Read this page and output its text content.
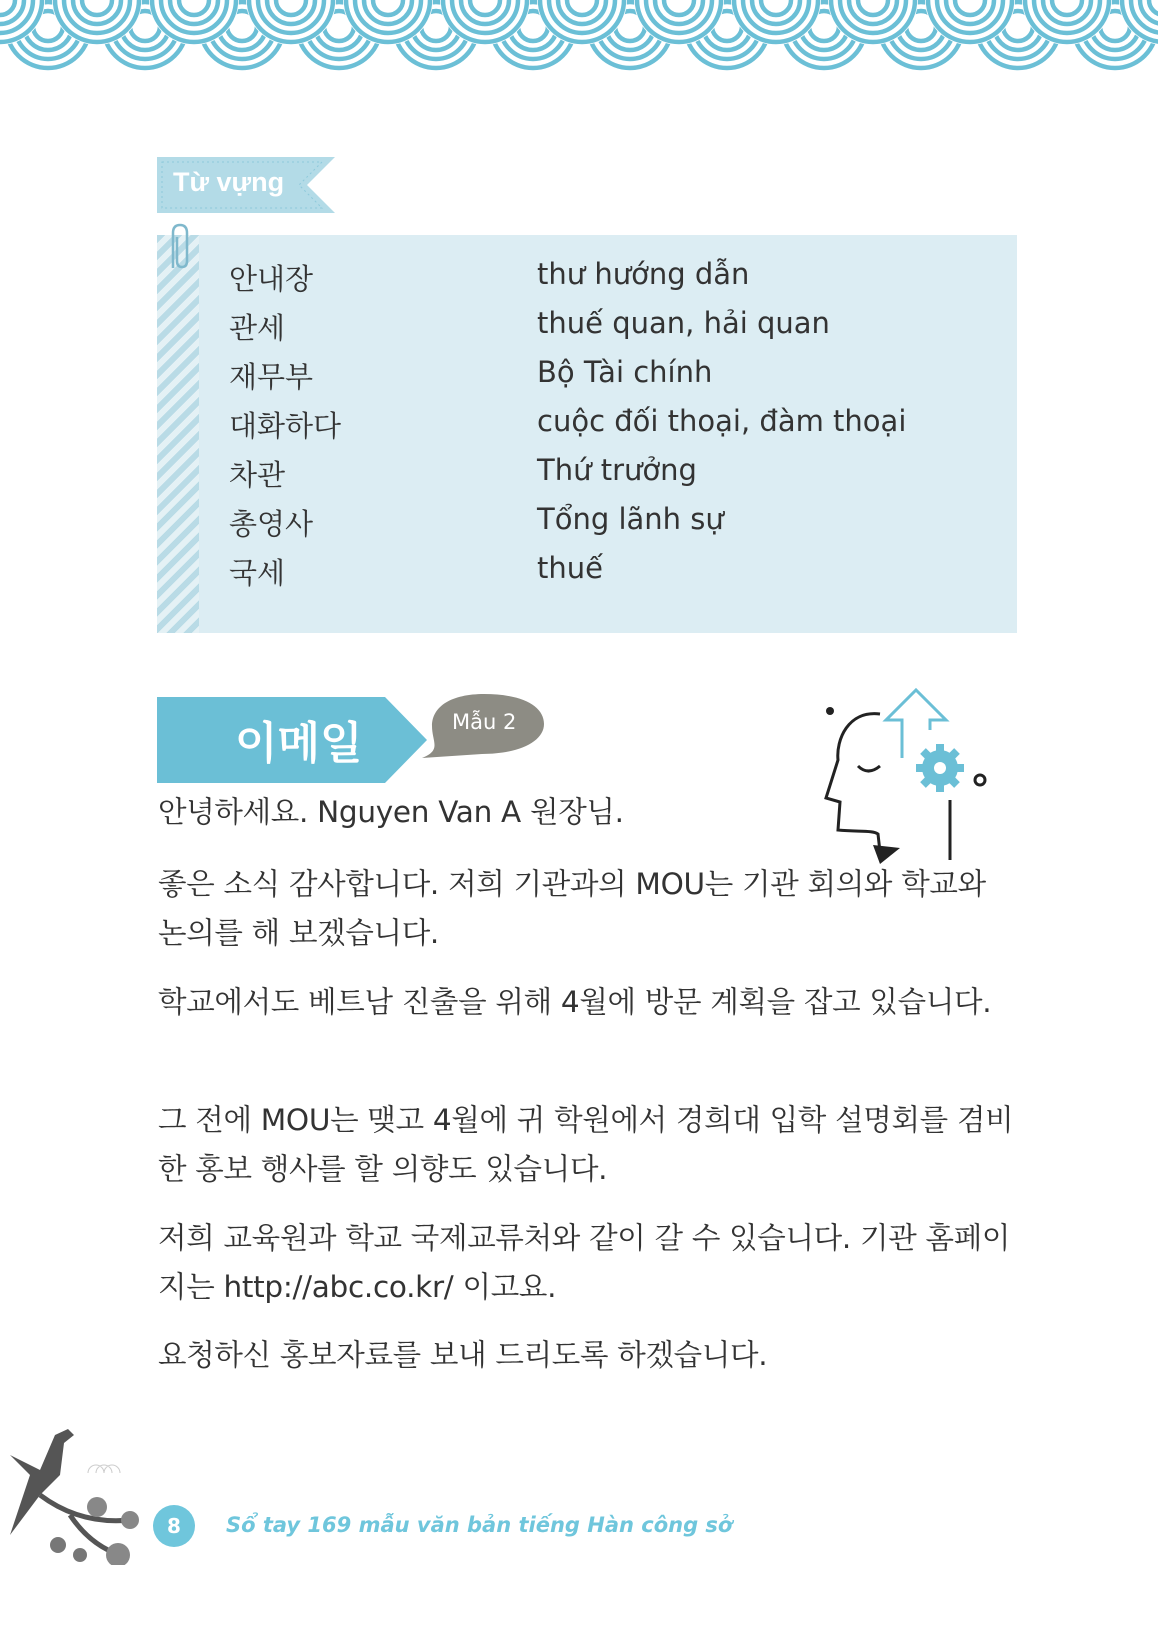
Từ vựng
안내장	thư hướng dẫn
관세	thuế quan, hải quan
재무부	Bộ Tài chính
대화하다	cuộc đối thoại, đàm thoại
차관	Thứ trưởng
총영사	Tổng lãnh sự
국세	thuế
이메일	Mẫu 2
안녕하세요. Nguyen Van A 원장님.
좋은 소식 감사합니다. 저희 기관과의 MOU는 기관 회의와 학교와 논의를 해 보겠습니다.
학교에서도 베트남 진출을 위해 4월에 방문 계획을 잡고 있습니다.
그 전에 MOU는 맺고 4월에 귀 학원에서 경희대 입학 설명회를 겸비한 홍보 행사를 할 의향도 있습니다.
저희 교육원과 학교 국제교류처와 같이 갈 수 있습니다. 기관 홈페이지는 http://abc.co.kr/ 이고요.
요청하신 홍보자료를 보내 드리도록 하겠습니다.
8	Sổ tay 169 mẫu văn bản tiếng Hàn công sở
